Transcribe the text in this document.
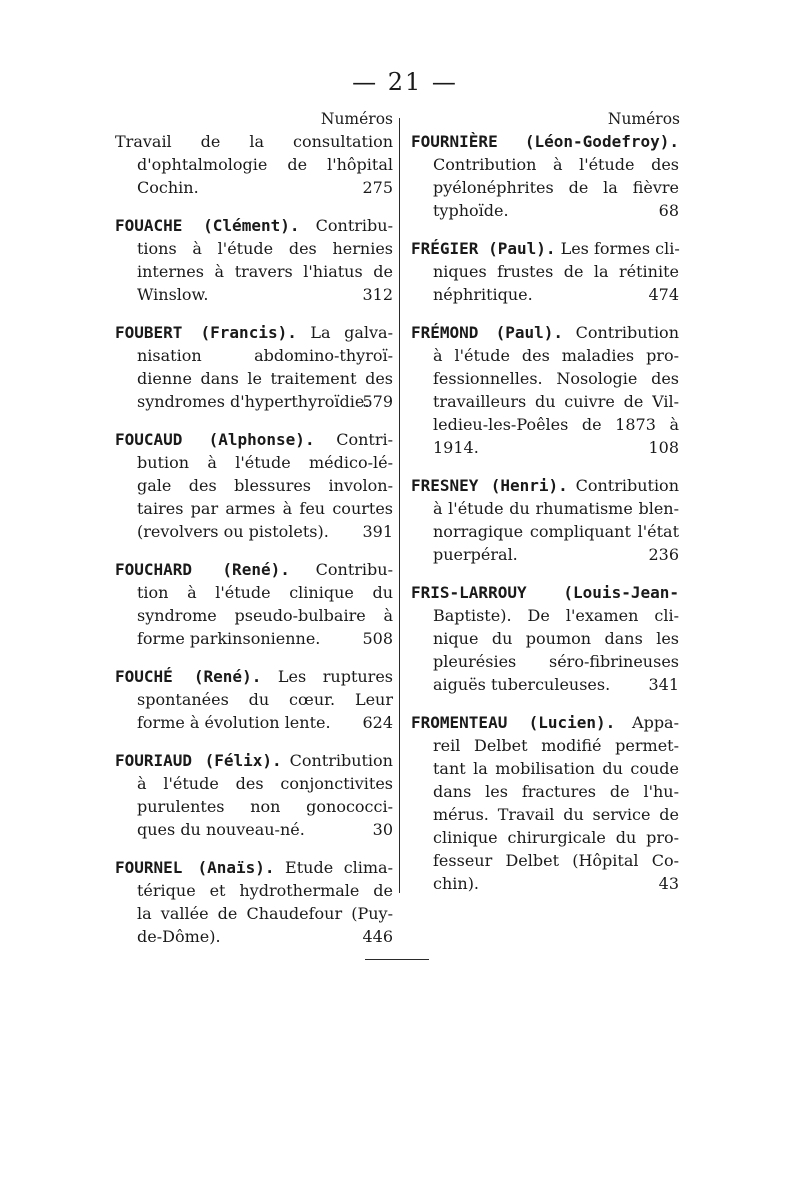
— 21 —
Numéros	Numéros
Travail de la consultation
d'ophtalmologie de l'hôpital
Cochin.	275
FOUACHE (Clément). Contribu-
tions à l'étude des hernies
internes à travers l'hiatus de
Winslow.	312
FOUBERT (Francis). La galva-
nisation abdomino-thyroï-
dienne dans le traitement des
syndromes d'hyperthyroïdie.
579
FOUCAUD (Alphonse). Contri-
bution à l'étude médico-lé-
gale des blessures involon-
taires par armes à feu courtes
(revolvers ou pistolets). 391
FOUCHARD (René). Contribu-
tion à l'étude clinique du
syndrome pseudo-bulbaire à
forme parkinsonienne.	508
FOUCHÉ (René). Les ruptures
spontanées du cœur. Leur
forme à évolution lente. 624
FOURIAUD (Félix). Contribution
à l'étude des conjonctivites
purulentes non gonococci-
ques du nouveau-né.	30
FOURNEL (Anaïs). Etude clima-
térique et hydrothermale de
la vallée de Chaudefour (Puy-
de-Dôme).	446
FOURNIÈRE (Léon-Godefroy).
Contribution à l'étude des
pyélonéphrites de la fièvre
typhoïde.	68
FRÉGIER (Paul). Les formes cli-
niques frustes de la rétinite
néphritique.	474
FRÉMOND (Paul). Contribution
à l'étude des maladies pro-
fessionnelles. Nosologie des
travailleurs du cuivre de Vil-
ledieu-les-Poêles de 1873 à
1914.	108
FRESNEY (Henri). Contribution
à l'étude du rhumatisme blen-
norragique compliquant l'état
puerpéral.	236
FRIS-LARROUY (Louis-Jean-
Baptiste). De l'examen cli-
nique du poumon dans les
pleurésies séro-fibrineuses
aiguës tuberculeuses. 341
FROMENTEAU (Lucien). Appa-
reil Delbet modifié permet-
tant la mobilisation du coude
dans les fractures de l'hu-
mérus. Travail du service de
clinique chirurgicale du pro-
fesseur Delbet (Hôpital Co-
chin).	43
